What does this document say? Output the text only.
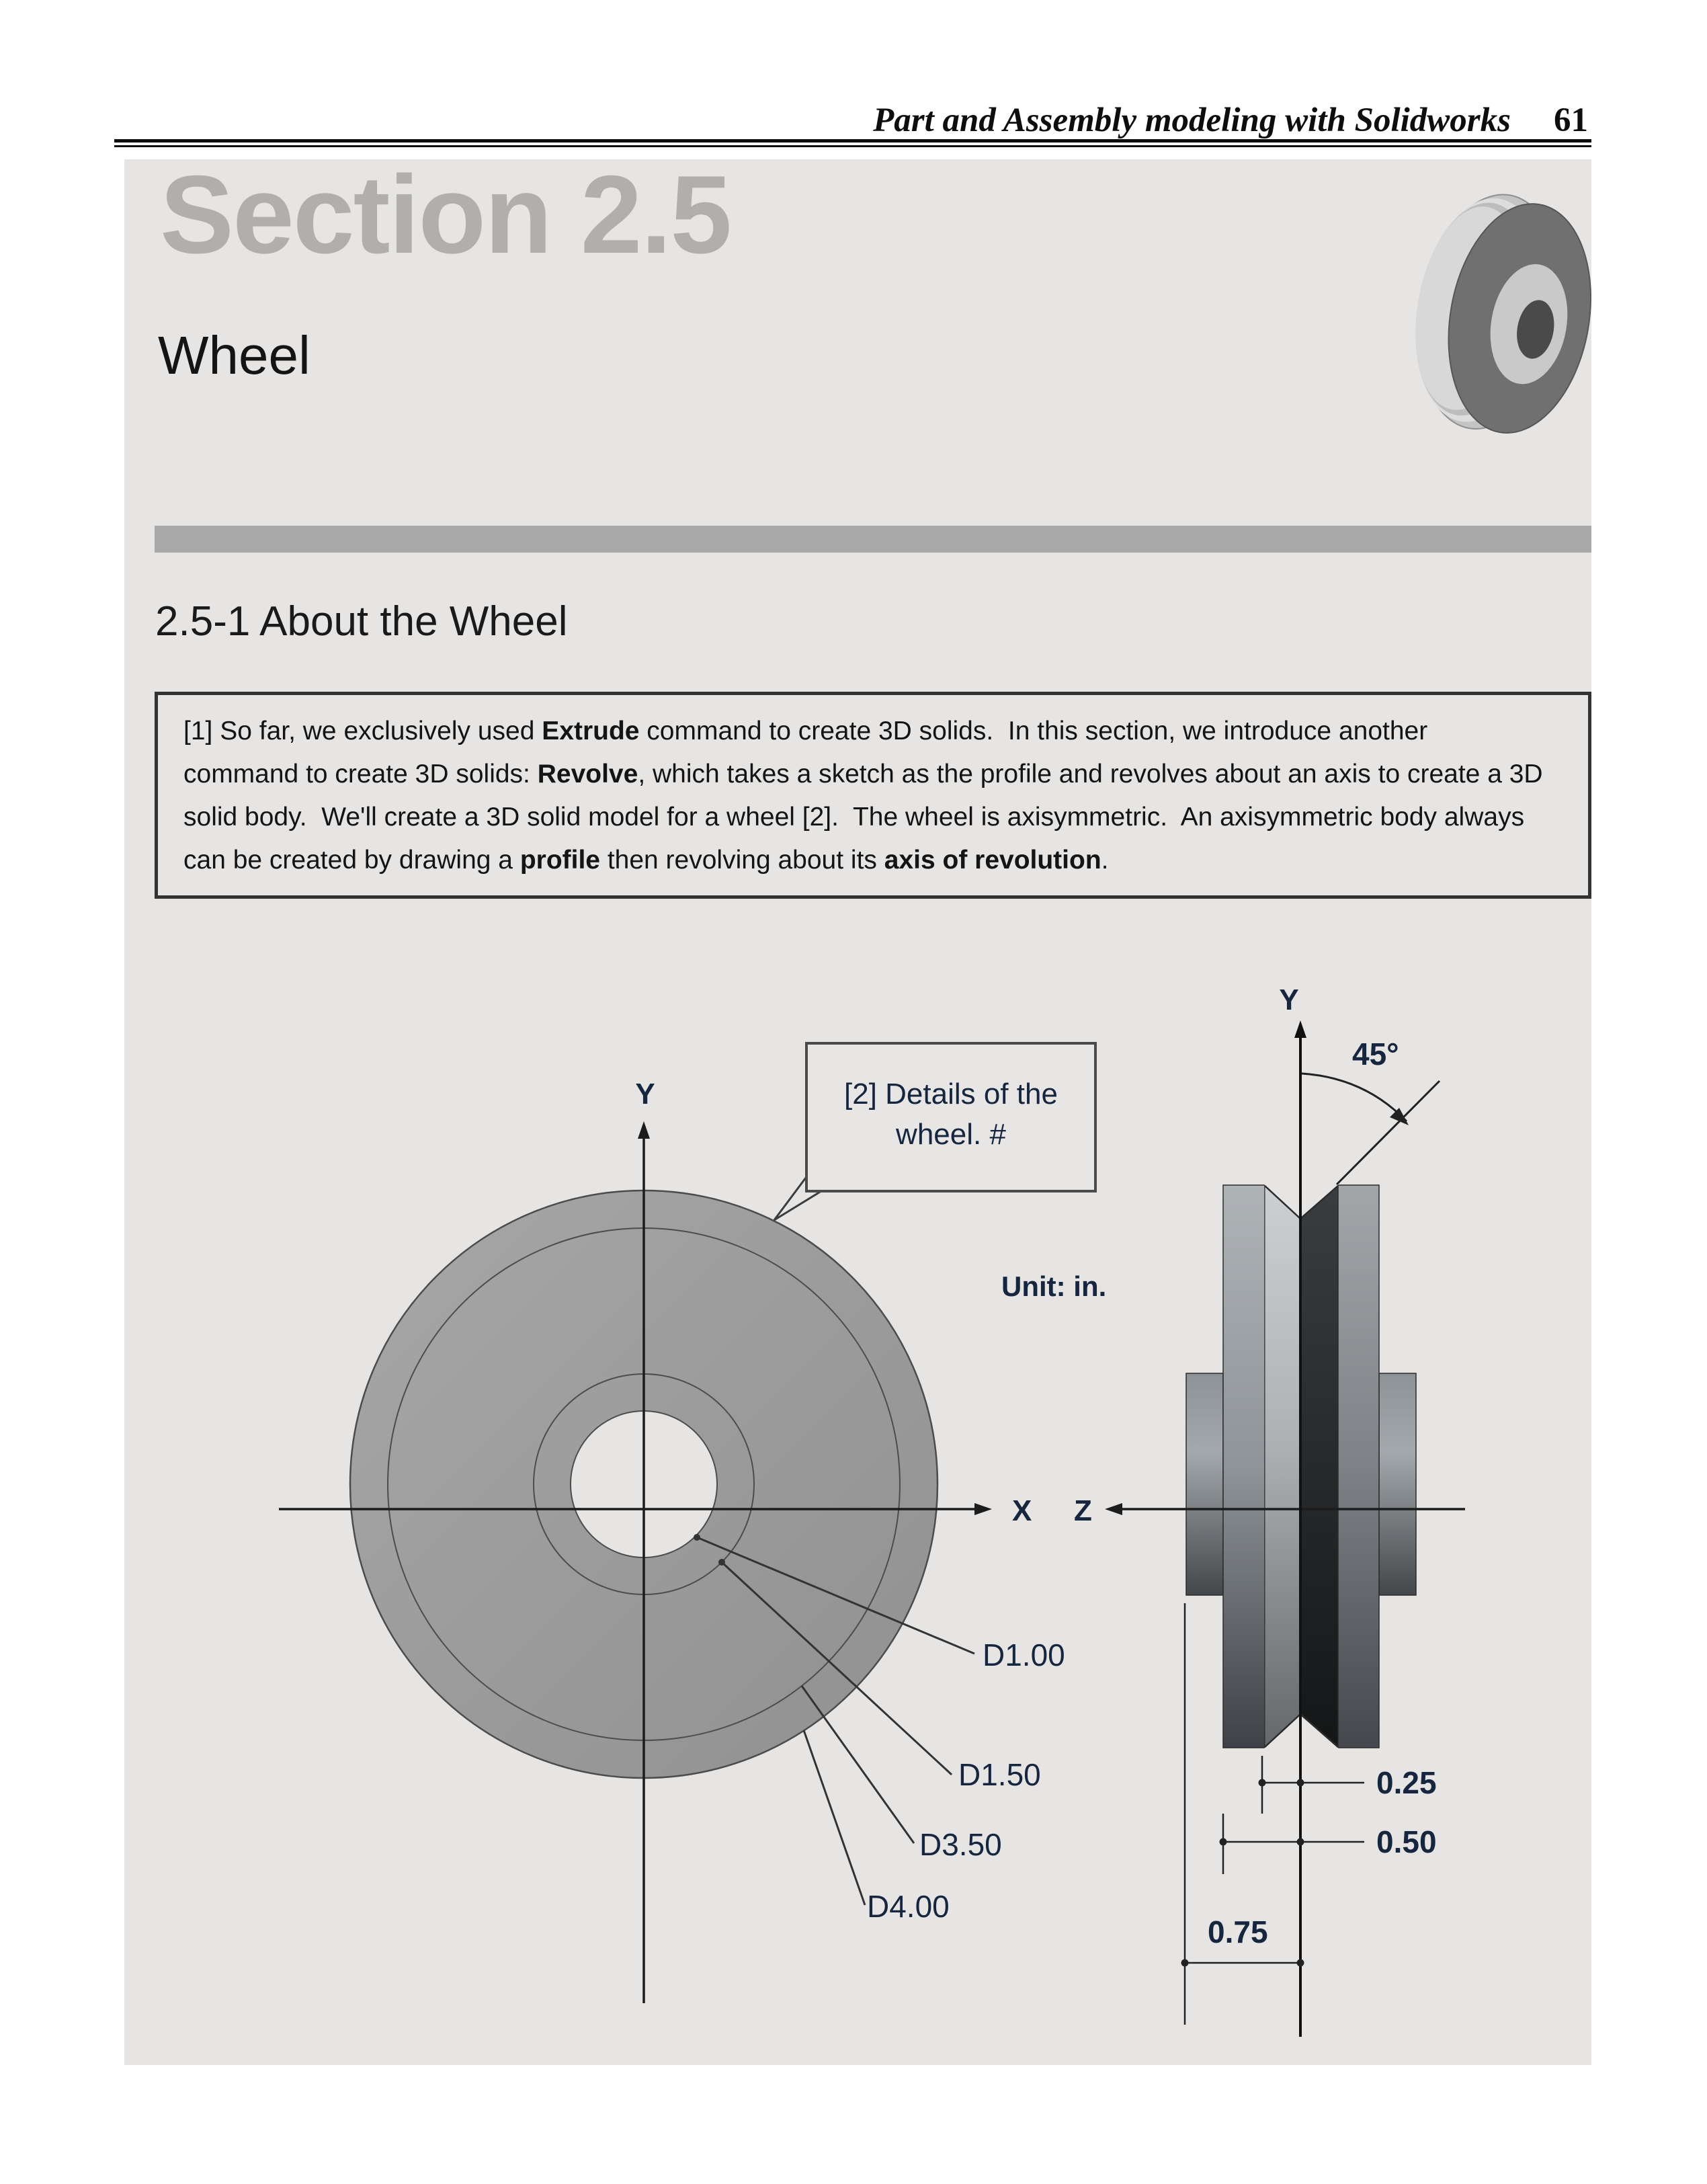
Part and Assembly modeling with Solidworks 61
Section 2.5
Wheel
2.5-1 About the Wheel
[1] So far, we exclusively used Extrude command to create 3D solids.  In this section, we introduce another
command to create 3D solids: Revolve, which takes a sketch as the profile and revolves about an axis to create a 3D
solid body.  We'll create a 3D solid model for a wheel [2].  The wheel is axisymmetric.  An axisymmetric body always
can be created by drawing a profile then revolving about its axis of revolution.
Y
X
[2] Details of the
wheel. #
Unit: in.
D1.00
D1.50
D3.50
D4.00
Z
Y
45°
0.25
0.50
0.75
